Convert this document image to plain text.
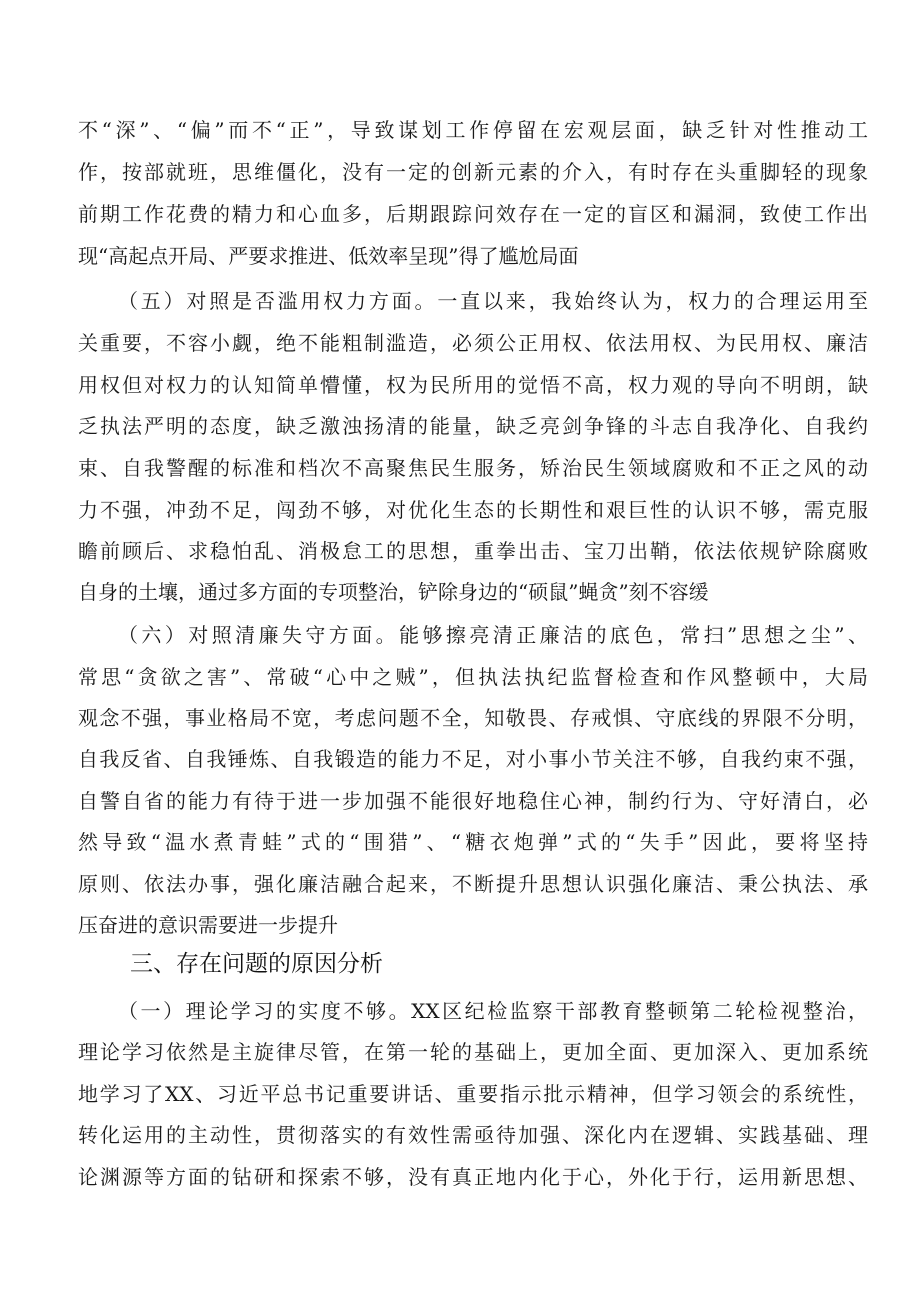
不“深”、“偏”而不“正”，导致谋划工作停留在宏观层面，缺乏针对性推动工
作，按部就班，思维僵化，没有一定的创新元素的介入，有时存在头重脚轻的现象
前期工作花费的精力和心血多，后期跟踪问效存在一定的盲区和漏洞，致使工作出
现“高起点开局、严要求推进、低效率呈现”得了尴尬局面
（五）对照是否滥用权力方面。一直以来，我始终认为，权力的合理运用至
关重要，不容小觑，绝不能粗制滥造，必须公正用权、依法用权、为民用权、廉洁
用权但对权力的认知简单懵懂，权为民所用的觉悟不高，权力观的导向不明朗，缺
乏执法严明的态度，缺乏激浊扬清的能量，缺乏亮剑争锋的斗志自我净化、自我约
束、自我警醒的标准和档次不高聚焦民生服务，矫治民生领域腐败和不正之风的动
力不强，冲劲不足，闯劲不够，对优化生态的长期性和艰巨性的认识不够，需克服
瞻前顾后、求稳怕乱、消极怠工的思想，重拳出击、宝刀出鞘，依法依规铲除腐败
自身的土壤，通过多方面的专项整治，铲除身边的“硕鼠”蝇贪”刻不容缓
（六）对照清廉失守方面。能够擦亮清正廉洁的底色，常扫”思想之尘”、
常思“贪欲之害”、常破“心中之贼”，但执法执纪监督检查和作风整顿中，大局
观念不强，事业格局不宽，考虑问题不全，知敬畏、存戒惧、守底线的界限不分明，
自我反省、自我锤炼、自我锻造的能力不足，对小事小节关注不够，自我约束不强，
自警自省的能力有待于进一步加强不能很好地稳住心神，制约行为、守好清白，必
然导致“温水煮青蛙”式的“围猎”、“糖衣炮弹”式的“失手”因此，要将坚持
原则、依法办事，强化廉洁融合起来，不断提升思想认识强化廉洁、秉公执法、承
压奋进的意识需要进一步提升
三、存在问题的原因分析
（一）理论学习的实度不够。XX区纪检监察干部教育整顿第二轮检视整治，
理论学习依然是主旋律尽管，在第一轮的基础上，更加全面、更加深入、更加系统
地学习了XX、习近平总书记重要讲话、重要指示批示精神，但学习领会的系统性，
转化运用的主动性，贯彻落实的有效性需亟待加强、深化内在逻辑、实践基础、理
论渊源等方面的钻研和探索不够，没有真正地内化于心，外化于行，运用新思想、
